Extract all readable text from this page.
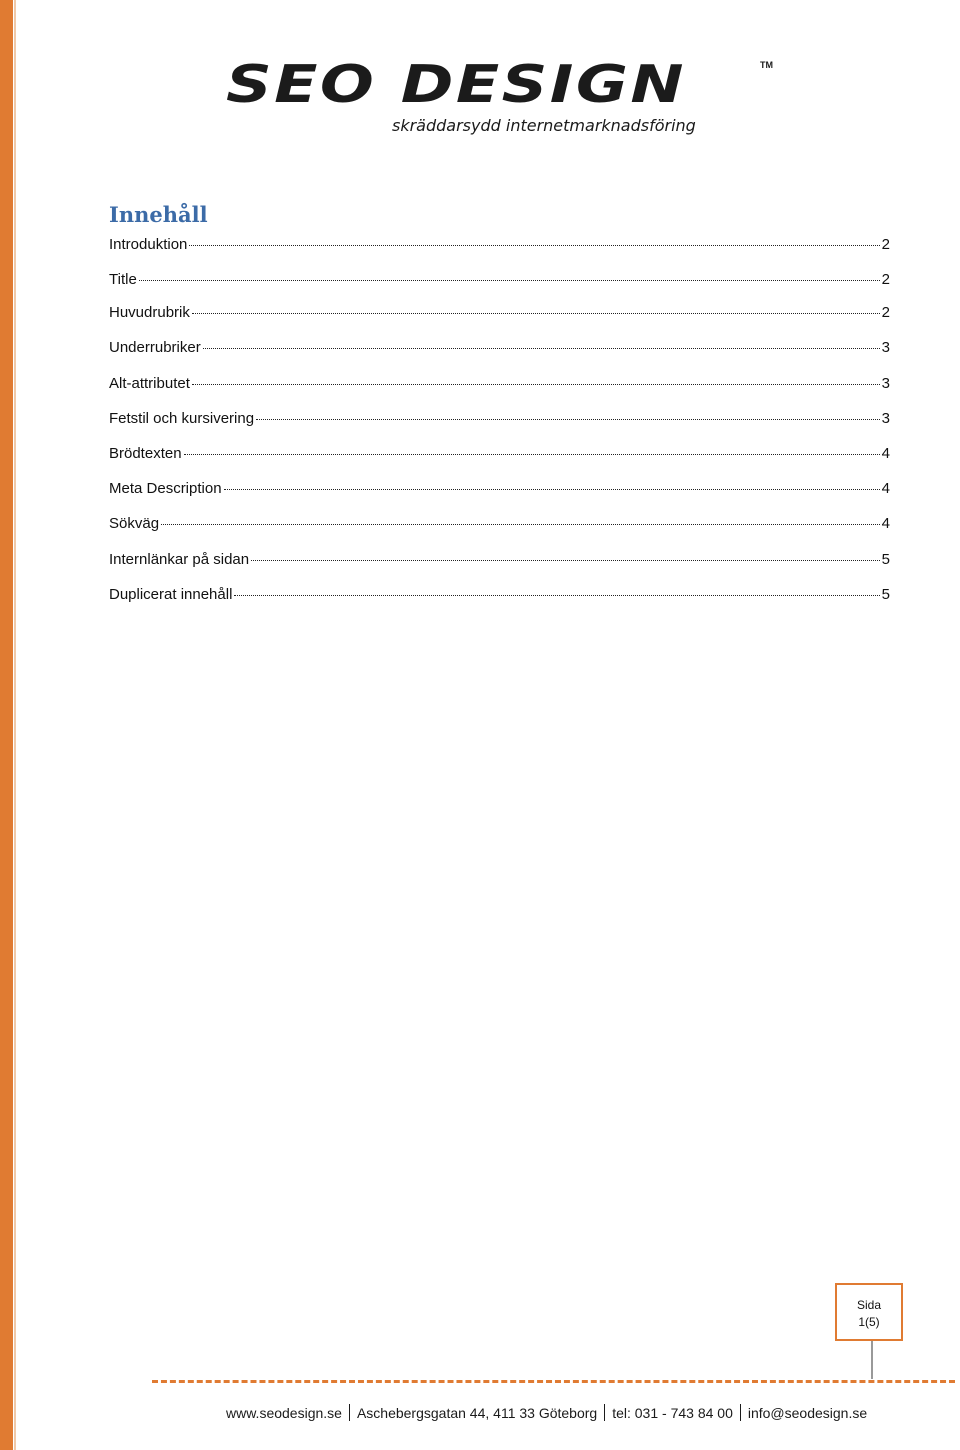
SEO DESIGN	TM
skräddarsydd internetmarknadsföring
Innehåll
Introduktion	2
Title	2
Huvudrubrik	2
Underrubriker	3
Alt-attributet	3
Fetstil och kursivering	3
Brödtexten	4
Meta Description	4
Sökväg	4
Internlänkar på sidan	5
Duplicerat innehåll	5
Sida
1(5)
www.seodesign.se Aschebergsgatan 44, 411 33 Göteborg tel: 031 - 743 84 00 info@seodesign.se
